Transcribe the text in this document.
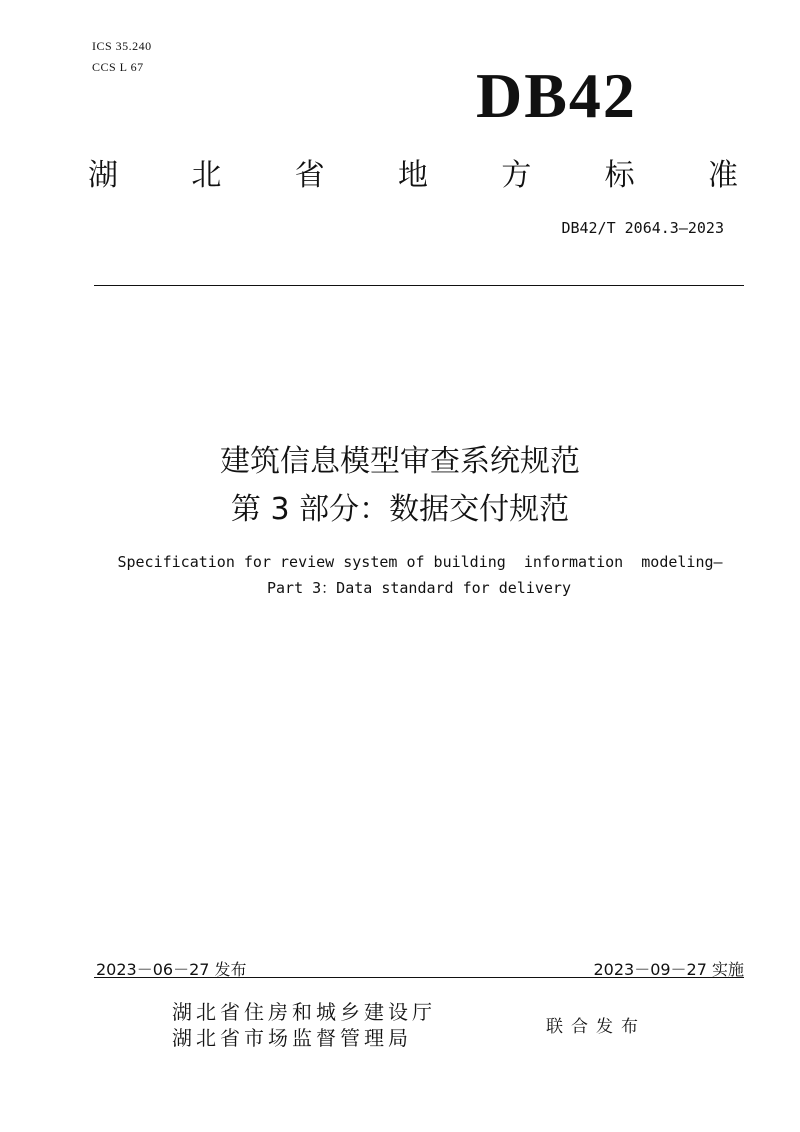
ICS 35.240
CCS L 67	DB42
湖 北 省 地 方 标 准
DB42/T 2064.3—2023
建筑信息模型审查系统规范
第 3 部分：数据交付规范
Specification for review system of building  information  modeling—
Part 3：Data standard for delivery
2023－06－27 发布	2023－09－27 实施
湖北省住房和城乡建设厅
湖北省市场监督管理局	联合发布
